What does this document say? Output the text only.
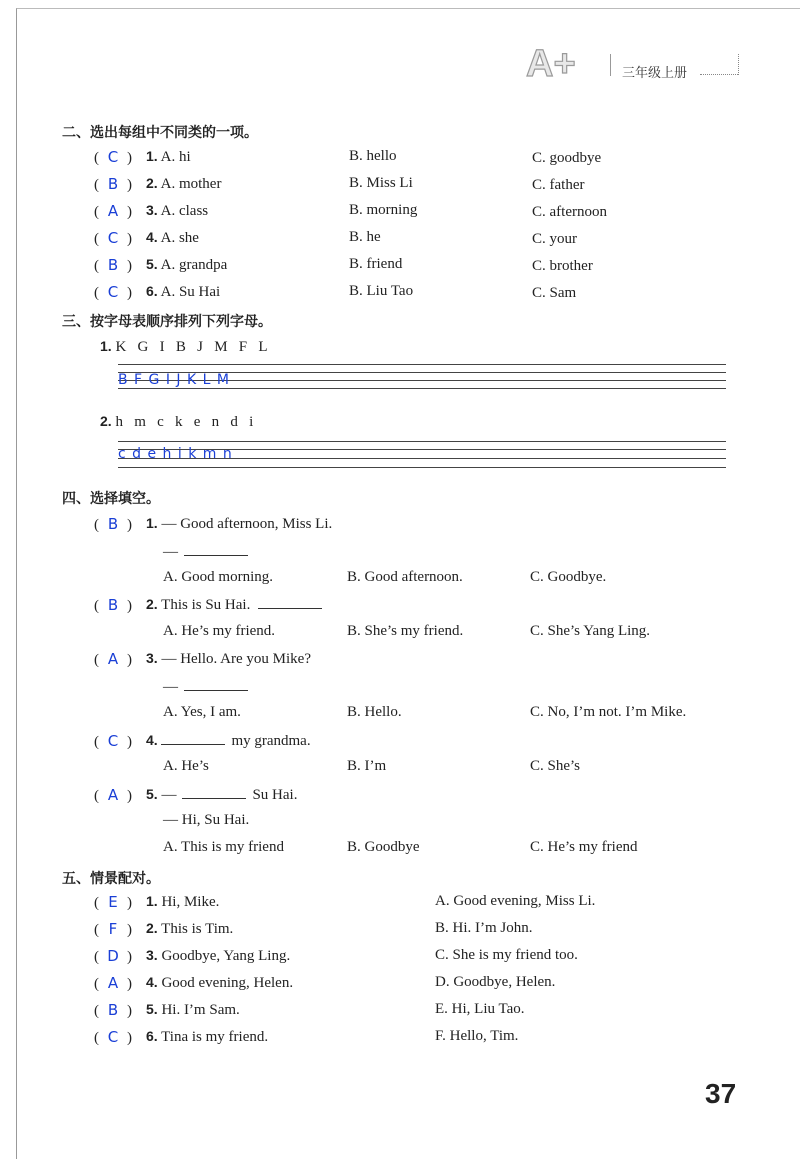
A+	三年级上册
二、选出每组中不同类的一项。
( C ) 1. A. hi	B. hello	C. goodbye
( B ) 2. A. mother	B. Miss Li	C. father
( A ) 3. A. class	B. morning	C. afternoon
( C ) 4. A. she	B. he	C. your
( B ) 5. A. grandpa	B. friend	C. brother
( C ) 6. A. Su Hai	B. Liu Tao	C. Sam
三、按字母表顺序排列下列字母。
1. K   G   I   B   J   M   F   L
B F G I J K L M
2. h   m   c   k   e   n   d   i
c d e h i k m n
四、选择填空。
( B ) 1. — Good afternoon, Miss Li.
—
A. Good morning.	B. Good afternoon.	C. Goodbye.
( B ) 2. This is Su Hai.
A. He’s my friend.	B. She’s my friend.	C. She’s Yang Ling.
( A ) 3. — Hello. Are you Mike?
—
A. Yes, I am.	B. Hello.	C. No, I’m not. I’m Mike.
( C ) 4.	my grandma.
A. He’s	B. I’m	C. She’s
( A ) 5. —	Su Hai.
— Hi, Su Hai.
A. This is my friend	B. Goodbye	C. He’s my friend
五、情景配对。
( E ) 1. Hi, Mike.	A. Good evening, Miss Li.
( F ) 2. This is Tim.	B. Hi. I’m John.
( D ) 3. Goodbye, Yang Ling.	C. She is my friend too.
( A ) 4. Good evening, Helen.	D. Goodbye, Helen.
( B ) 5. Hi. I’m Sam.	E. Hi, Liu Tao.
( C ) 6. Tina is my friend.	F. Hello, Tim.
37
